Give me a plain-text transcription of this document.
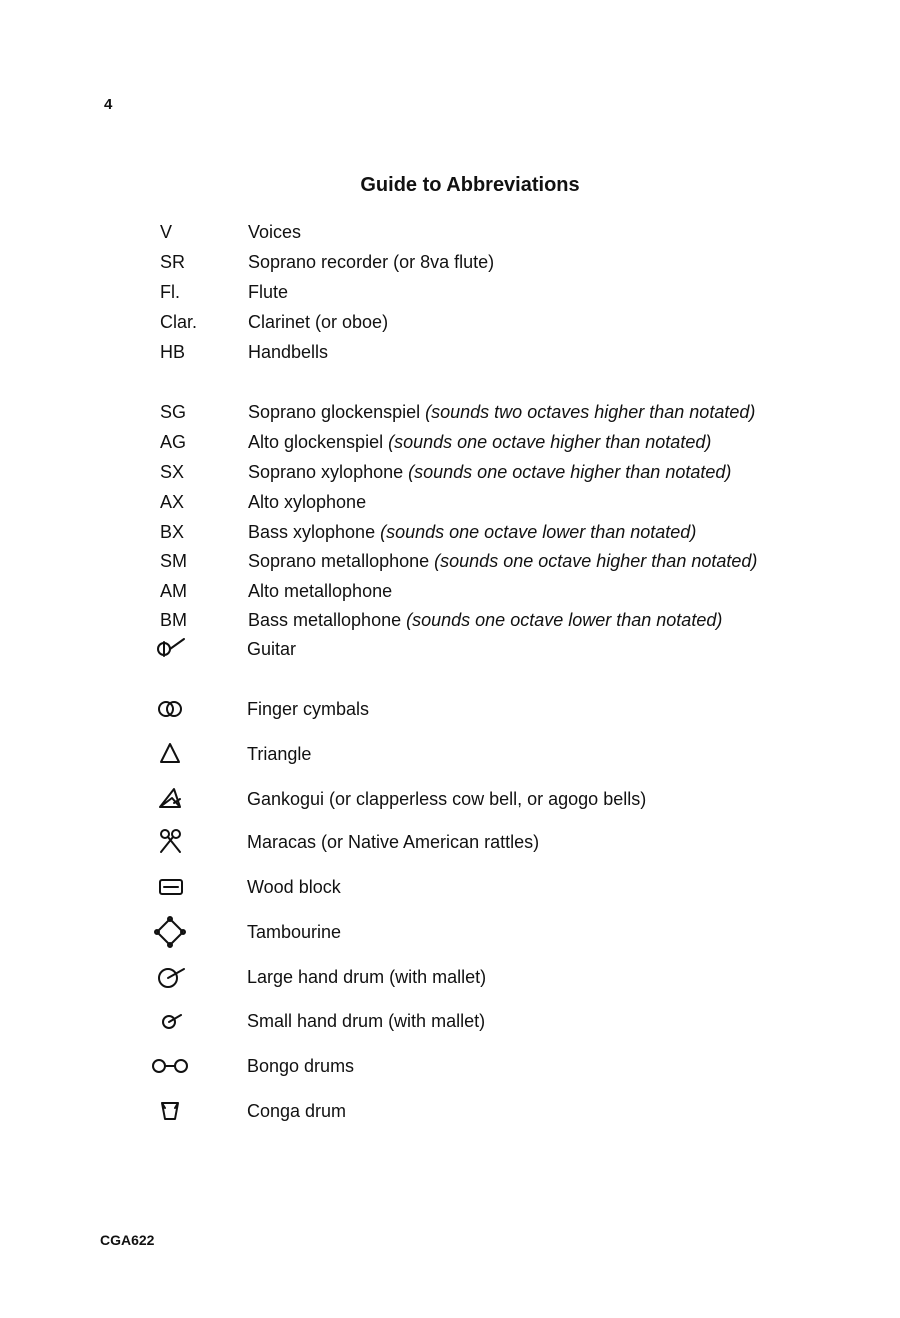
4
Guide to Abbreviations
V	Voices
SR	Soprano recorder (or 8va flute)
Fl.	Flute
Clar.	Clarinet (or oboe)
HB	Handbells
SG	Soprano glockenspiel (sounds two octaves higher than notated)
AG	Alto glockenspiel (sounds one octave higher than notated)
SX	Soprano xylophone (sounds one octave higher than notated)
AX	Alto xylophone
BX	Bass xylophone (sounds one octave lower than notated)
SM	Soprano metallophone (sounds one octave higher than notated)
AM	Alto metallophone
BM	Bass metallophone (sounds one octave lower than notated)
Guitar
Finger cymbals
Triangle
Gankogui (or clapperless cow bell, or agogo bells)
Maracas (or Native American rattles)
Wood block
Tambourine
Large hand drum (with mallet)
Small hand drum (with mallet)
Bongo drums
Conga drum
CGA622
